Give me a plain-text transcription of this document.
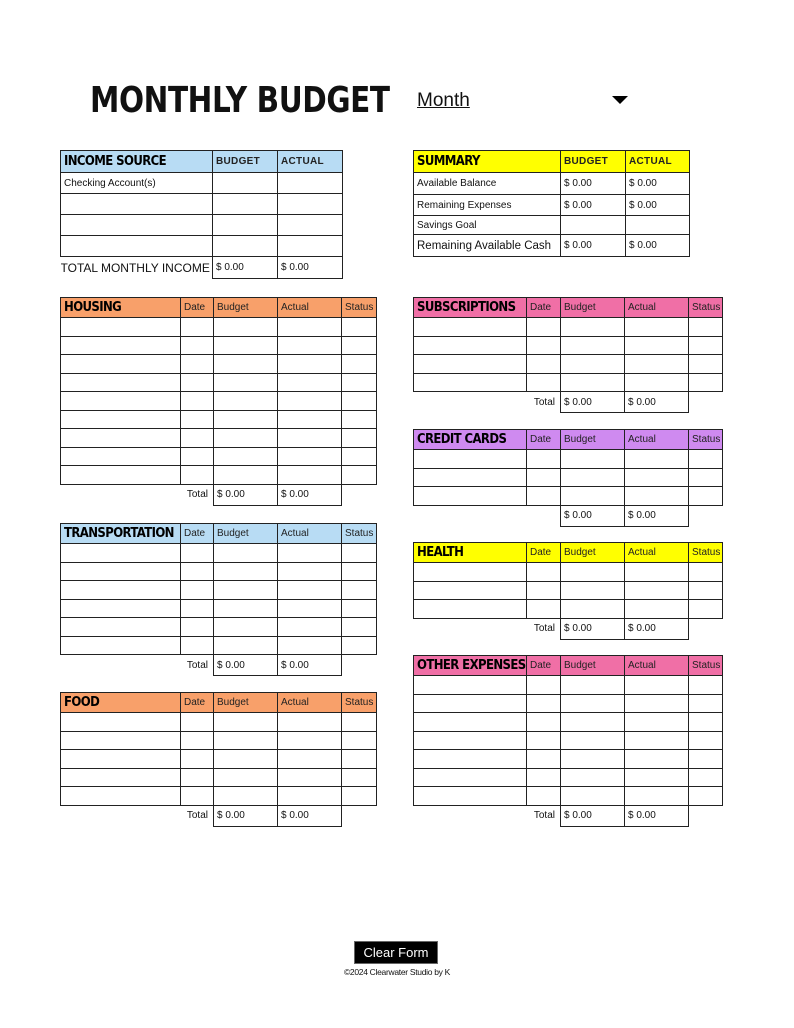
MONTHLY BUDGET Month
INCOME SOURCE	BUDGET	ACTUAL
Checking Account(s)		

TOTAL MONTHLY INCOME	$ 0.00	$ 0.00
SUMMARY	BUDGET	ACTUAL
Available Balance	$ 0.00	$ 0.00
Remaining Expenses	$ 0.00	$ 0.00
Savings Goal		
Remaining Available Cash	$ 0.00	$ 0.00
HOUSING	Date	Budget	Actual	Status

	Total	$ 0.00	$ 0.00	
TRANSPORTATION	Date	Budget	Actual	Status

	Total	$ 0.00	$ 0.00	
FOOD	Date	Budget	Actual	Status

	Total	$ 0.00	$ 0.00	
SUBSCRIPTIONS	Date	Budget	Actual	Status

	Total	$ 0.00	$ 0.00	
CREDIT CARDS	Date	Budget	Actual	Status

		$ 0.00	$ 0.00	
HEALTH	Date	Budget	Actual	Status

	Total	$ 0.00	$ 0.00	
OTHER EXPENSES	Date	Budget	Actual	Status

	Total	$ 0.00	$ 0.00	
Clear Form
©2024 Clearwater Studio by K
